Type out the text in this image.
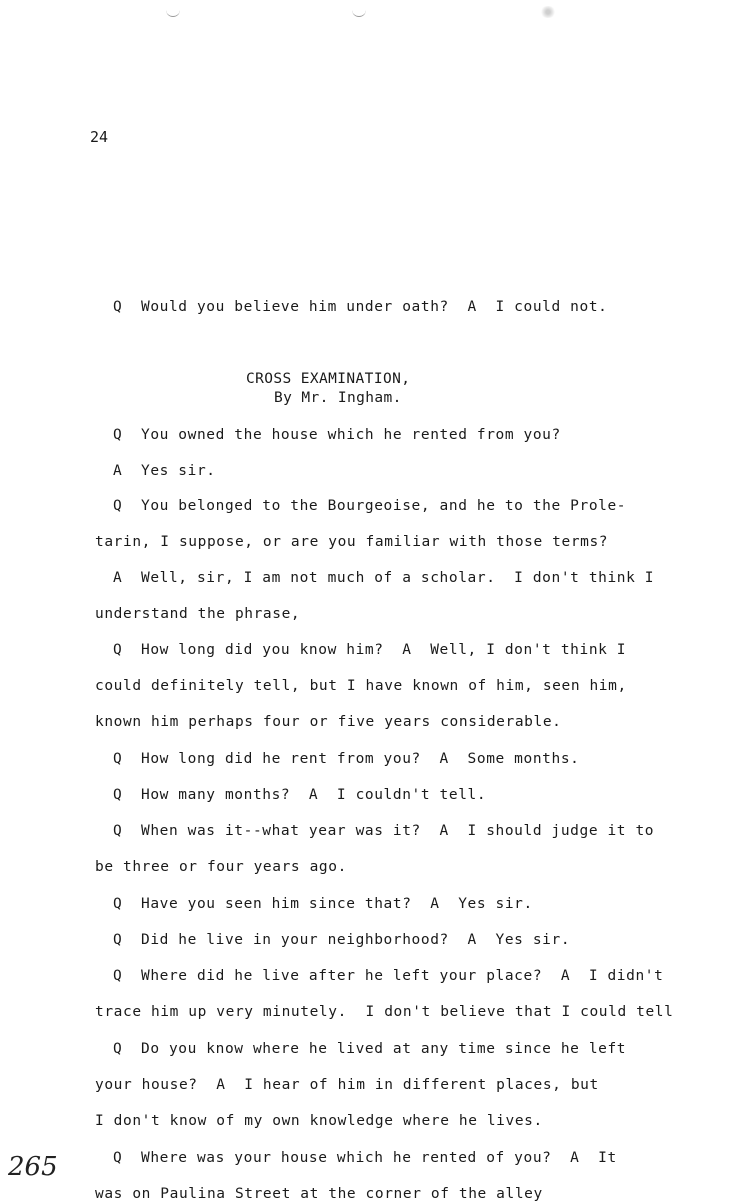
24
Q  Would you believe him under oath?  A  I could not.
CROSS EXAMINATION,
By Mr. Ingham.
Q  You owned the house which he rented from you?
A  Yes sir.
Q  You belonged to the Bourgeoise, and he to the Prole-
tarin, I suppose, or are you familiar with those terms?
A  Well, sir, I am not much of a scholar.  I don't think I
understand the phrase,
Q  How long did you know him?  A  Well, I don't think I
could definitely tell, but I have known of him, seen him,
known him perhaps four or five years considerable.
Q  How long did he rent from you?  A  Some months.
Q  How many months?  A  I couldn't tell.
Q  When was it--what year was it?  A  I should judge it to
be three or four years ago.
Q  Have you seen him since that?  A  Yes sir.
Q  Did he live in your neighborhood?  A  Yes sir.
Q  Where did he live after he left your place?  A  I didn't
trace him up very minutely.  I don't believe that I could tell
Q  Do you know where he lived at any time since he left
your house?  A  I hear of him in different places, but
I don't know of my own knowledge where he lives.
Q  Where was your house which he rented of you?  A  It
was on Paulina Street at the corner of the alley
265
